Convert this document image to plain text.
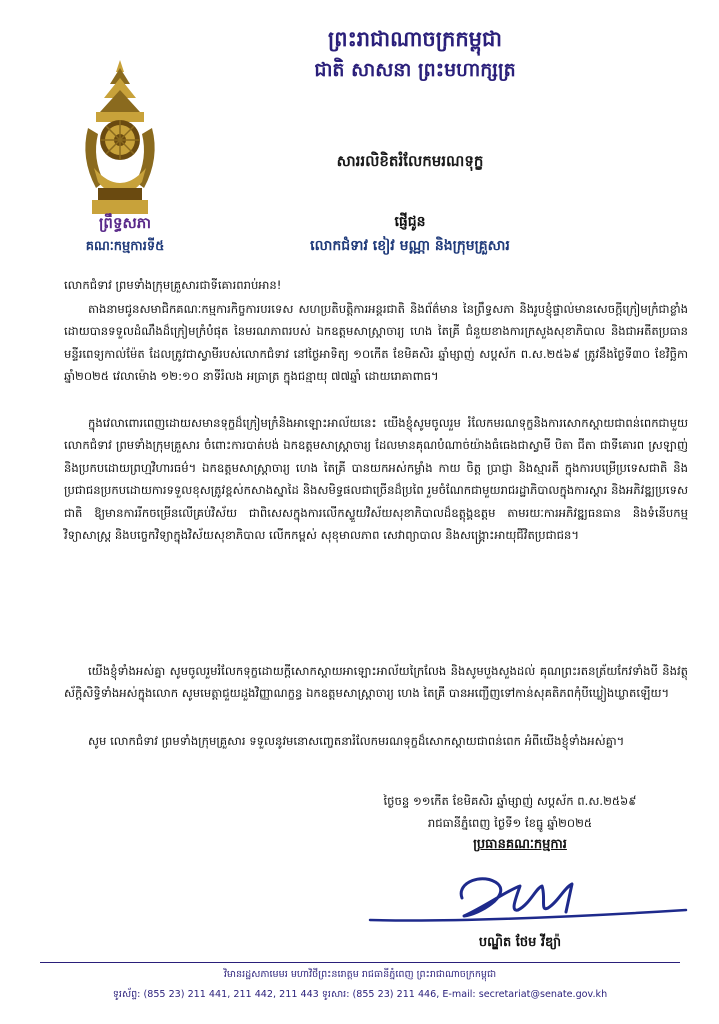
ព្រះរាជាណាចក្រកម្ពុជា
ជាតិ សាសនា ព្រះមហាក្សត្រ
ព្រឹទ្ធសភា
គណៈកម្មការទី៥
សាររលិខិតរំលែកមរណទុក្ខ
ផ្ញើជូន
លោកជំទាវ ខៀវ មណ្ណា និងក្រុមគ្រួសារ
លោកជំទាវ ព្រមទាំងក្រុមគ្រួសារជាទីគោរពរាប់អាន!
តាងនាមជូនសមាជិកគណៈកម្មការកិច្ចការបរទេស សហប្រតិបត្តិការអន្តរជាតិ និងព័ត៌មាន នៃព្រឹទ្ធសភា និងរូបខ្ញុំផ្ទាល់មានសេចក្តីក្រៀមក្រំជាខ្លាំងដោយបានទទួលដំណឹងដ៏ក្រៀមក្រំបំផុត នៃមរណភាពរបស់ ឯកឧត្តមសាស្ត្រាចារ្យ ហេង តៃគ្រី ជំនួយខាងការក្រសួងសុខាភិបាល និងជាអតីតប្រធានមន្ទីរពេទ្យកាល់ម៉ែត ដែលត្រូវជាស្វាមីរបស់លោកជំទាវ នៅថ្ងៃអាទិត្យ ១០កើត ខែមិគសិរ ឆ្នាំម្សាញ់ សប្តស័ក ព.ស.២៥៦៩ ត្រូវនឹងថ្ងៃទី៣០ ខែវិច្ឆិកា ឆ្នាំ២០២៥ វេលាម៉ោង ១២:១០ នាទីរំលង អធ្រាត្រ ក្នុងជន្មាយុ ៧៧ឆ្នាំ ដោយរោគាពាធ។
ក្នុងវេលាពោរពេញដោយសមានទុក្ខដ៏ក្រៀមក្រំនិងអាឡោះអាល័យនេះ យើងខ្ញុំសូមចូលរួម រំលែកមរណទុក្ខនិងការសោកស្តាយជាពន់ពេកជាមួយ លោកជំទាវ ព្រមទាំងក្រុមគ្រួសារ ចំពោះការបាត់បង់ ឯកឧត្តមសាស្ត្រាចារ្យ ដែលមានគុណបំណាច់យ៉ាងធំធេងជាស្វាមី បិតា ជីតា ជាទីគោរព ស្រឡាញ់ និងប្រកបដោយព្រហ្មវិហារធម៌។ ឯកឧត្តមសាស្ត្រាចារ្យ ហេង តៃគ្រី បានយកអស់កម្លាំង កាយ ចិត្ត ប្រាជ្ញា និងស្មារតី ក្នុងការបម្រើប្រទេសជាតិ និងប្រជាជនប្រកបដោយការទទួលខុសត្រូវខ្ពស់កសាងស្នាដៃ និងសមិទ្ធផលជាច្រើនដ៏ប្រពៃ រួមចំណែកជាមួយរាជរដ្ឋាភិបាលក្នុងការស្តារ និងអភិវឌ្ឍប្រទេសជាតិ ឱ្យមានការរីកចម្រើនលើគ្រប់វិស័យ ជាពិសេសក្នុងការលើកស្ទួយវិស័យសុខាភិបាលដ៏ឧត្តុង្គឧត្តម តាមរយៈការអភិវឌ្ឍធនធាន និងទំនើបកម្មវិទ្យាសាស្ត្រ និងបច្ចេកវិទ្យាក្នុងវិស័យសុខាភិបាល លើកកម្ពស់ សុខុមាលភាព សេវាព្យាបាល និងសង្គ្រោះអាយុជីវិតប្រជាជន។
យើងខ្ញុំទាំងអស់គ្នា សូមចូលរួមរំលែកទុក្ខដោយក្តីសោកស្តាយអាឡោះអាល័យក្រៃលែង និងសូមបួងសួងដល់ គុណព្រះរតនត្រ័យកែវទាំងបី និងវត្ថុស័ក្តិសិទ្ធិទាំងអស់ក្នុងលោក សូមមេត្តាជួយដួងវិញ្ញាណក្ខន្ធ ឯកឧត្តមសាស្ត្រាចារ្យ ហេង តៃគ្រី បានអញ្ជើញទៅកាន់សុគតិភពកុំបីឃ្លៀងឃ្លាតឡើយ។
សូម លោកជំទាវ ព្រមទាំងក្រុមគ្រួសារ ទទួលនូវមនោសញ្ចេតនារំលែកមរណទុក្ខដ៏សោកស្តាយជាពន់ពេក អំពីយើងខ្ញុំទាំងអស់គ្នា។
ថ្ងៃចន្ទ ១១កើត ខែមិគសិរ ឆ្នាំម្សាញ់ សប្តស័ក ព.ស.២៥៦៩
រាជធានីភ្នំពេញ ថ្ងៃទី១ ខែធ្នូ ឆ្នាំ២០២៥
ប្រធានគណៈកម្មការ
បណ្ឌិត ថែម វីឌ្យ៉ា
វិមានរដ្ឋសភាមេមរ មហាវិថីព្រះនរោត្តម រាជធានីភ្នំពេញ ព្រះរាជាណាចក្រកម្ពុជា
ទូរស័ព្ទ: (855 23) 211 441, 211 442, 211 443 ទូរសារ: (855 23) 211 446, E-mail: secretariat@senate.gov.kh
